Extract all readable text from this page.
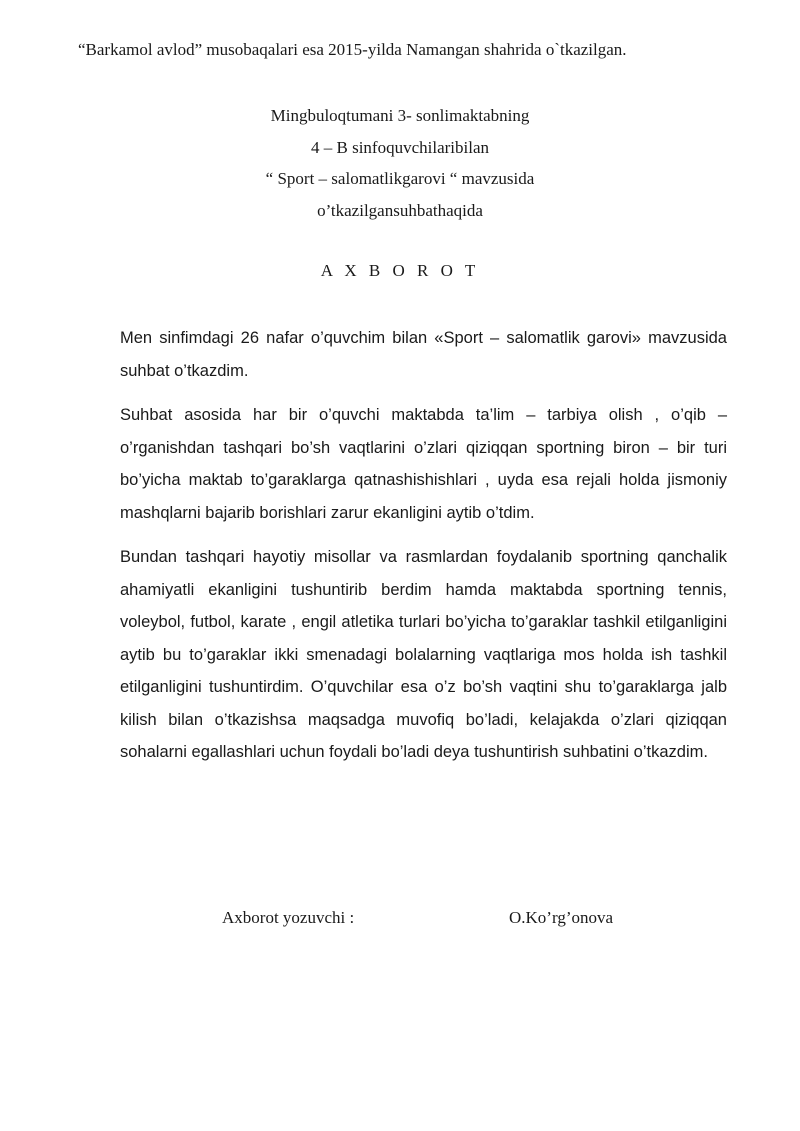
“Barkamol avlod” musobaqalari esa 2015-yilda Namangan shahrida o`tkazilgan.
Mingbuloqtumani 3- sonlimaktabning
4 – B sinfoquvchilaribilan
“ Sport – salomatlikgarovi “ mavzusida
o’tkazilgansuhbathaqida
A X B O R O T

Men sinfimdagi 26 nafar o’quvchim bilan «Sport – salomatlik garovi» mavzusida suhbat o’tkazdim.

Suhbat asosida har bir o’quvchi maktabda ta’lim – tarbiya olish , o’qib – o’rganishdan tashqari bo’sh vaqtlarini o’zlari qiziqqan sportning biron – bir turi bo’yicha maktab to’garaklarga qatnashishishlari , uyda esa rejali holda jismoniy mashqlarni bajarib borishlari zarur ekanligini aytib o’tdim.

Bundan tashqari hayotiy misollar va rasmlardan foydalanib sportning qanchalik ahamiyatli ekanligini tushuntirib berdim hamda maktabda sportning tennis, voleybol, futbol, karate , engil atletika turlari bo’yicha to’garaklar tashkil etilganligini aytib bu to’garaklar ikki smenadagi bolalarning vaqtlariga mos holda ish tashkil etilganligini tushuntirdim. O’quvchilar esa o’z bo’sh vaqtini shu to’garaklarga jalb kilish bilan o’tkazishsa maqsadga muvofiq bo’ladi, kelajakda o’zlari qiziqqan sohalarni egallashlari uchun foydali bo’ladi deya tushuntirish suhbatini o’tkazdim.

Axborot yozuvchi :	O.Ko’rg’onova
